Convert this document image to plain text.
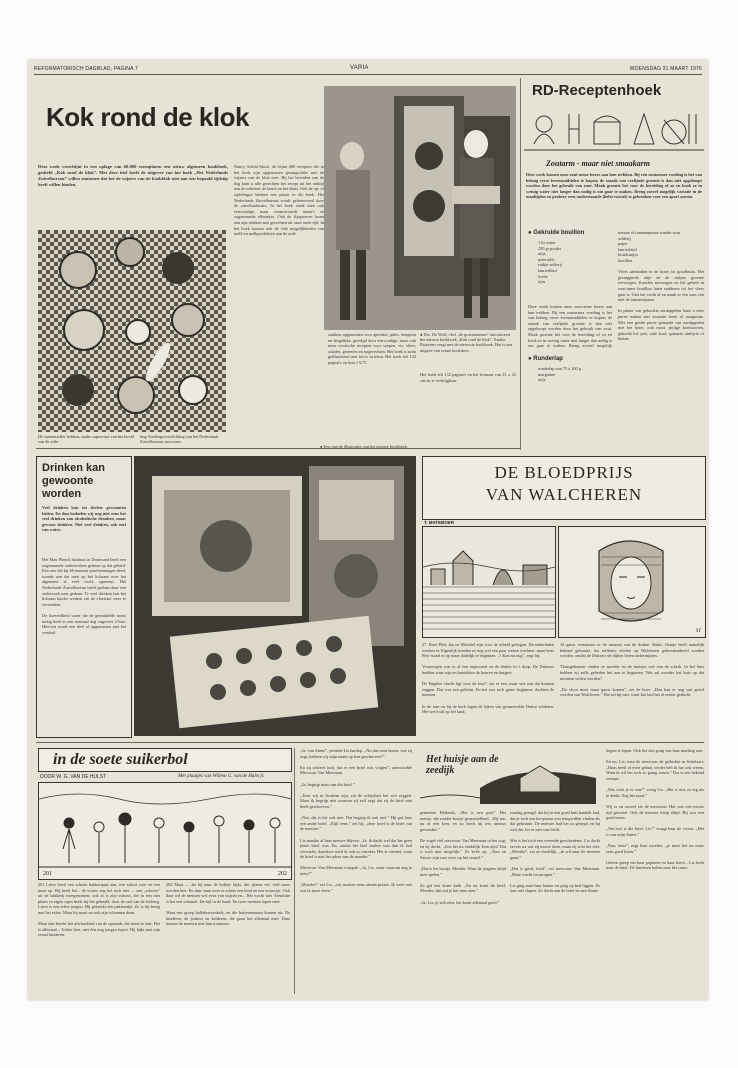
REFORMATORISCH DAGBLAD, PAGINA 7	VARIA	WOENSDAG 31 MAART 1976
Kok rond de klok
Deze week verschijnt in een oplage van 60.000 exemplaren een nieuw algemeen kookboek, getiteld „Kok rond de klok”. Met deze titel heeft de uitgever van het boek „Het Nederlands Zuivelbureau” willen aantonen dat het de wijzers van de kookklok niet aan een bepaald tijdstip heeft willen binden.
Nancy Schlaf-Stock, de bijna 400 recepten die in het boek zijn opgenomen gerangschikt met de wijzers van de klok mee. Bij het bereiden van de dag kunt u alle gerechten het recept uit het ontbijt aan de ochtend, de lunch en het diner. Ook de op- of zijdelingse hebben een plaats in dit boek. Het Nederlands Zuivelbureau wordt gefinancierd door de zuivelindustrie. In het boek vindt men ook eenvoudige, maar verantwoorde menu's en zogenaamde elfuurtjes. Ook de fijnproever komt aan zijn trekken met gerechten uit onze oude tijd. In het boek komen ook de vele mogelijkheden van melk en melkprodukten aan de orde.
De samensteller hebben, onder supervisie van het hoofd van de afde-
ling Voedingsvoorlichting van het Nederlands Zuivelbureau, mevrouw
stukken opgenomen voor aperitief, pâtés, beugnon en dergelijke, gevolgd door eenvoudige, maar ook meer exotische recepten voor soepen, vis, vlees, salades, groenten en nagerechten. Het boek is ruim geïllustreerd met foto's in kleur. Het boek telt 132 pagina's en kost f 9,75.
● Drs. De Wolf, chef „de groentenman” introduceert het nieuwe kookboek „Kok rond de klok”. Emilie Bouwens vergt met de nieuwste kookboek. Het is een uitgave van ruime kookdoos.
Het boek telt 132 pagina's en het formaat van 21 x 22 cm en is verkrijgbaar.
RD-Receptenhoek
Zoutarm - maar niet smaakarm
Deze week komen onze zout-arme lezers aan hun trekken. Bij een zoutarmer voeding is het van belang verse levensmiddelen te kopen; de smaak van verfijnde groente is dan niet opgehoopt worden door het gebruik van zout. Maak groente het voor de bereiding of zo en kook ze in weinig water niet langer dan nodig is om gaar te maken. Breng zoveel mogelijk variatie in de maaltijden en probeer eens onderstaande (liefst vooraf) te gebruiken voor een apart aroma.
● Gekruide bouillon
1 ltr water
250 gr poulet
uitje
peterselie
stukje selderij
laurierblad
foelie
tijm
Deze week komen onze zout-arme lezers aan hun trekken. Bij een zoutarmer voeding is het van belang verse levensmiddelen te kopen; de smaak van verfijnde groente is dan niet opgehoopt worden door het gebruik van zout. Maak groente het voor de bereiding of zo en kook ze in weinig water niet langer dan nodig is om gaar te maken. Breng zoveel mogelijk
● Runderlap
runderlap van 75 à 100 g
margarine
uitje
tomaat of tomatenpuree zonder zout
selderij
peper
laurierblad
bruidsuitjes
bouillon

Vlees aanbraden in de boter tot goudbruin. Het gesnipperde uitje en de stukjes groente toevoegen. Kruiden toevoegen en het geheel in zout-arme bouillon laten sudderen tot het vlees gaar is. Giet het vocht af en maak er een saus van met de tomatenpuree.

In plaats van gekookte aardappelen kunt u eens puree maken met zoutarm boter of margarine. Met een goede puree gemaakt van aardappelen met het boter, ook mooi: pittige koolsoorten, gekookt lof, prei, rode kool, spinazie, andijvie of bieten.
Drinken kan gewoonte worden
Veel drinken kan tot slechte gewoonten leiden. En dan bedoelen wij nog niet eens het veel drinken van alcoholische dranken, maar gewone drinken. Niet veel drinken, ook niet van water.
Het Max Planck Instituut in Dortmund heeft een zogenaamde onderzoeken gedaan op dat gebied. Een arts die bij 60 mensen proefnemingen deed, toonde aan dat men op het lichaam over het algemeen te veel vocht opneemt. Het Nederlands Zuivelbureau heeft gedaan daar een onderzoek naar gedaan. Te veel drinken laat het lichaam harder werken om de vloeistof weer te verwerken.

De hoeveelheid water die de gemiddelde mens nodig heeft is een normaal dag ongeveer 2 liter. Hiervan wordt een deel al opgenomen met het voedsel.
● Een van de illustraties van het nieuwe kookboek.
DE BLOEDPRIJS
VAN WALCHEREN
T. MATEBOER
ST
27. Boer Pleij Jan en Machiel zijn voor de arbeid gebogen. De naberdaten werken er. Eigenlijk konden ze nog wel een paar weken wachten, maar boer Pley stond er op maar dadelijk te beginnen. „'t Kan nu nog”, zegt hij.

Voorzorgen was er al een ingevoerd en de drukte in 't dorp. De Duitsers hadden waar zijn en betrokken de boeren en burgers.

De Engelse vlucht ligt voor de kust”, zei er een, maar wie zou dat kunnen zeggen. Dat was een geheim. En het zou toch gauw beginnen, dachten de mensen.

In de tuin en bij de kerk lagen de lijken van gesneuvelde Duitse soldaten. Het werd stil op het land.
Al gauw vernamen ze de mensen van de drukte. Radio Oranje heeft namelijk bekend gemaakt, dat militaire doelen op Walcheren gebombardeerd zouden worden, omdat de Duitsers de dijken lieten ondermijnen.

Thuisgekomen vinden ze moeder en de meisjes wel van de schrik. In het huis hebben zij zelfs gebeden het aan te beginnen. Wat zal moeder het huis op dat moment willen worden?

„De vloot moet maar gauw komen”, zei de boer. „Dan kan er nog wat gered worden van Walcheren.” Dat zei hij niet, want Jan had het al eerder gedacht.
in de soete suikerbol
DOOR W. G. VAN DE HULST	Met plaatjes van Willem G. van de Hulst jr.
201	202
201 Lieve heeft een schoen bakkerspak aan, een schort voor en een muts op. Hij heeft het... de vrouw zeg het toch niet — een „schoter” uit de bakkerij meegenomen; ook al is zijn schoen, die in een niet plaats in eigen ogen heeft hij het gehaald, door de stal van de herberg. Lieve is een echte jongen. Hij gebruikt een pakkaartje. Zo is hij bezig met het echte. Maar hij moet nu ook zijn schoenen doen.

Maar dan breekt het afwisselend van de opmaak; dat komt te laat. Het is allemaal... Achter hen, met één nog jongen lopen. Hij kijkt met zijn zestal kinderen.
202 Maar — als hij naar de bolleje kijkt, die, platen vel, véél meer worden hier. En daar staat weer te achter een kind en een vrouwtje. Ook daar wil de mensen wel eens van wijzen en... Het wacht niet. Tenslotte is het een schamel. De bijl in de hand. En twee mensen lopen mee.

Want een groep bolleboswinkels, en die buitenmensen komen uit. De kinderen, de jonkers en kelderen, die gaan het allemaal mee. Daar komen de mensen met hun trommen.
„Ja, van Annie”, peinsde Lis hardop. „Nu dus eens horen, wat zij zegt, hebben wij mijn naam op hen geschreven?”

En zij schreef toch, dat er een brief was volgen”, antwoordde Mevrouw Van Meerman.

„Ja, begrijp niets van die brief.”

„Toen wij in Arnhem zijn, zal de schrijfster het wel zeggen. Maar ik begrijp niet waarom zij zelf zegt dat zij de brief niet heeft geschreven.”

„Nee, dat is het ook niet. Dat begrijp ik ook niet.” Hij gaf haar een ander brief. „Kijk eens,” zei hij, „deze brief is de brief van de meester.”

Lis maakte al haar nieuwe blijven. „Ja, ik dacht wel dat het geen juiste brief was. En, omdat het heel anders was dan ik had verwacht, daardoor werd ik ook zo onzeker. Het is vreemd, want de brief is met het adres van de moeder.”

Mevrouw Van Meerman vraagde: „Ja, Lis, maar waarom zeg je niets?”

„Moeder!” zei Lis, „wij moeten eens samen praten. Ik weet niet wat ik moet doen.”
Het huisje aan de zeedijk
gemeente Hellends, „Het is een poet”. Het meisje, dat zonder bootje geruststellend. „Hij was nu al een keer, en zo heeft hij iets nieuws gevonden.”

De vogel viel mevrouw Van Meerman in het oog; en zij dacht: „Zou het nu eindelijk Tom zijn? Dat is toch niet mogelijk.” Ze keek op. „Tom en Sauwe zijn vast weer op het strand.”

„Dat is het bootje, Moeder. Waar de jongens altijd mee spelen.”

Ze gaf een korte knik. „En nu komt de brief, Moeder, dan zul je het eens zien.”

„Ja, Lis, je zult zien, het komt allemaal goed.”
zondag gezegd, dat hij in een goed huis handelt had, dat je toch een kooporaat zou terugwillen vinden als dat gebeurde. De meester had het zo gezegd, en hij wist dat Lis er niet van hield.

Wat is het toch een vreemde geschiedenis. Lis dacht erover na wat zij moest doen, maar zij wist het niet. „Moeder”, zei ze eindelijk, „ik wil naar de meester gaan.”

„Dat is goed, kind”, zei mevrouw Van Meerman. „Maar wacht tot morgen.”

Lis ging naar haar kamer en ging op bed liggen. Ze kon niet slapen. Ze dacht aan de brief en aan Annie.
begon te lopen. Ook het slot gong van haar machtig aan.

En nu, Lis, toen de mevrouw de gedachte in Scholaart: „Hans heeft al even gehad, verder heb ik het ook weten. Want ik wil het toch zo graag weten.” Dat is een bekend verhaal.

„Wat weet je er van?” vroeg Lis. „Het is niet zo erg als je denkt. Zeg het maar.”

Wij er en zoveel zie de mevrouw. Het was een mooie tijd geweest. Ook de meester hielp altijd. Hij was een goed mens.

„Van wie is die brief, Lis?” vraagt haar de vrouw. „Het is van mijn Annie.”

„Nou, heus”, zegt haar moeder, „je moet het nu maar eens goed lezen.”

Geleen greep om haar papieren en haar korte... Lis keek naar de brief. De kinderen keken naar het raam.
